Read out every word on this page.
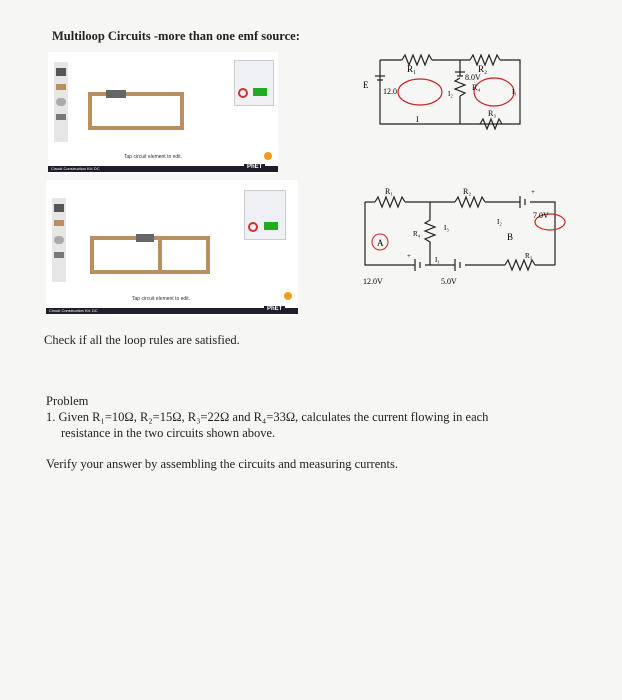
Multiloop Circuits -more than one emf source:
Tap circuit element to edit.
Circuit Construction Kit: DC	PhET
Tap circuit element to edit.
Circuit Construction Kit: DC	PhET
R₁	R₂
R₄
R₃
12.0
8.0V
I₁
I₂
I
E
A
B
R₁	R₂
R₄
R₃
12.0V	5.0V
7.0V
+
+
I₁
I₂
I₃
Check if all the loop rules are satisfied.
Problem
1. Given R₁=10Ω, R₂=15Ω, R₃=22Ω and R₄=33Ω, calculates the current flowing in each
resistance in the two circuits shown above.
Verify your answer by assembling the circuits and measuring currents.
